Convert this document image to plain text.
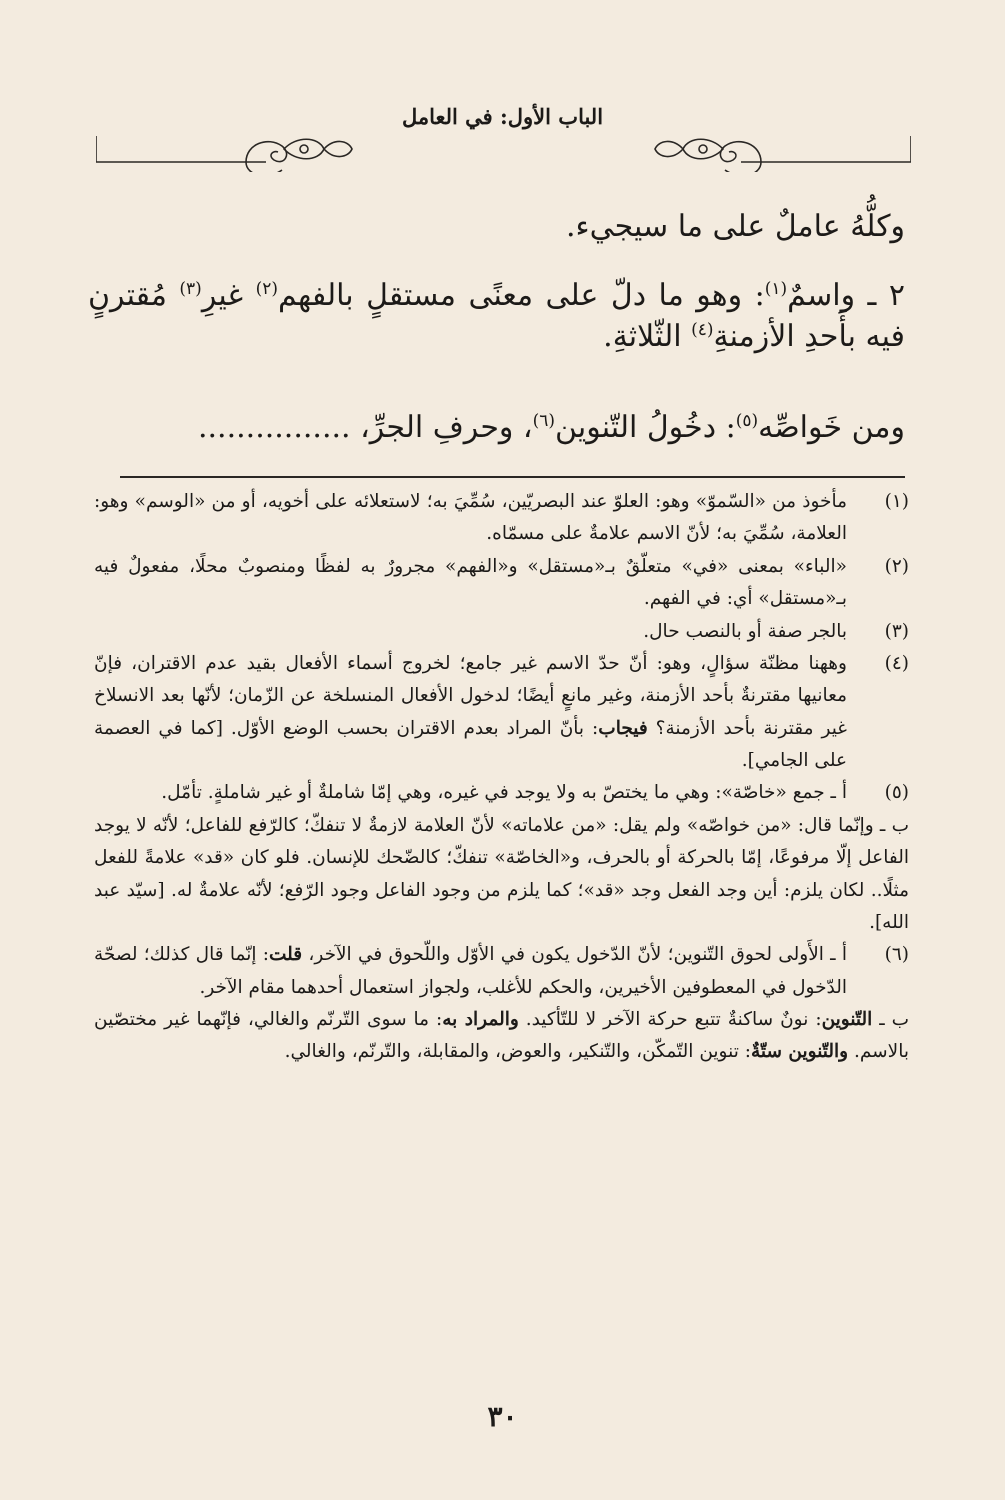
الباب الأول: في العامل

وكلُّهُ عاملٌ على ما سيجيء.

٢ ـ واسمٌ$^{(١)}$: وهو ما دلّ على معنًى مستقلٍ بالفهم$^{(٢)}$ غيرِ$^{(٣)}$ مُقترنٍ فيه بأَحدِ الأزمنةِ$^{(٤)}$ الثّلاثةِ.

ومن خَواصِّه$^{(٥)}$: دخُولُ التّنوين$^{(٦)}$، وحرفِ الجرِّ، ................

(١)

مأخوذ من «السّموّ» وهو: العلوّ عند البصريّين، سُمِّيَ به؛ لاستعلائه على أخويه، أو من «الوسم» وهو: العلامة، سُمِّيَ به؛ لأنّ الاسم علامةٌ على مسمّاه.

(٢)

«الباء» بمعنى «في» متعلّقٌ بـ«مستقل» و«الفهم» مجرورٌ به لفظًا ومنصوبٌ محلًا، مفعولٌ فيه بـ«مستقل» أي: في الفهم.

(٣)

بالجر صفة أو بالنصب حال.

(٤)

وههنا مظنّة سؤالٍ، وهو: أنّ حدّ الاسم غير جامع؛ لخروج أسماء الأفعال بقيد عدم الاقتران، فإنّ معانيها مقترنةٌ بأحد الأزمنة، وغير مانعٍ أيضًا؛ لدخول الأفعال المنسلخة عن الزّمان؛ لأنّها بعد الانسلاخ غير مقترنة بأحد الأزمنة؟ فيجاب: بأنّ المراد بعدم الاقتران بحسب الوضع الأوّل. [كما في العصمة على الجامي].

(٥)

أ ـ جمع «خاصّة»: وهي ما يختصّ به ولا يوجد في غيره، وهي إمّا شاملةٌ أو غير شاملةٍ. تأمّل.

ب ـ وإنّما قال: «من خواصّه» ولم يقل: «من علاماته» لأنّ العلامة لازمةٌ لا تنفكّ؛ كالرّفع للفاعل؛ لأنّه لا يوجد الفاعل إلّا مرفوعًا، إمّا بالحركة أو بالحرف، و«الخاصّة» تنفكّ؛ كالضّحك للإنسان. فلو كان «قد» علامةً للفعل مثلًا.. لكان يلزم: أين وجد الفعل وجد «قد»؛ كما يلزم من وجود الفاعل وجود الرّفع؛ لأنّه علامةٌ له. [سيّد عبد الله].

(٦)

أ ـ الأَولى لحوق التّنوين؛ لأنّ الدّخول يكون في الأوّل واللّحوق في الآخر، قلت: إنّما قال كذلك؛ لصحّة الدّخول في المعطوفين الأخيرين، والحكم للأغلب، ولجواز استعمال أحدهما مقام الآخر.

ب ـ التّنوين: نونٌ ساكنةٌ تتبع حركة الآخر لا للتّأكيد. والمراد به: ما سوى التّرنّم والغالي، فإنّهما غير مختصّين بالاسم. والتّنوين ستّةٌ: تنوين التّمكّن، والتّنكير، والعوض، والمقابلة، والتّرنّم، والغالي.

٣٠
